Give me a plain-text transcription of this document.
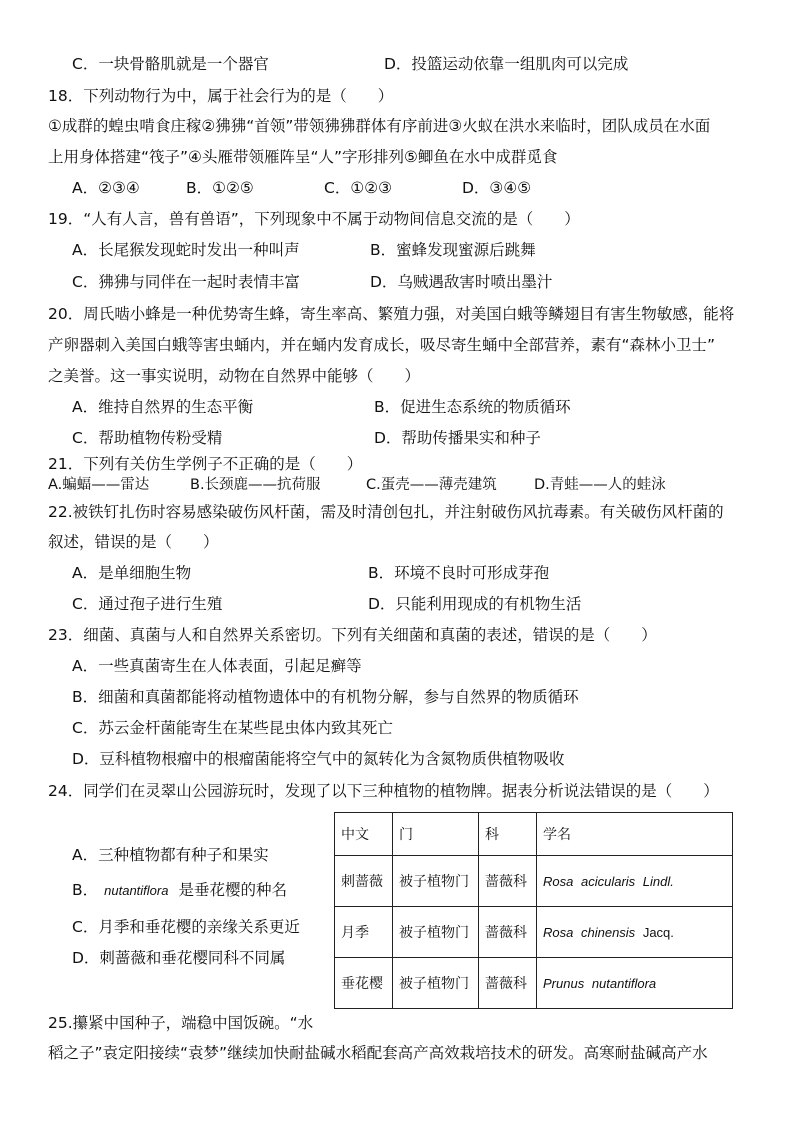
C．一块骨骼肌就是一个器官	D．投篮运动依靠一组肌肉可以完成
18．下列动物行为中，属于社会行为的是（　　）
①成群的蝗虫啃食庄稼②狒狒“首领”带领狒狒群体有序前进③火蚁在洪水来临时，团队成员在水面
上用身体搭建“筏子”④头雁带领雁阵呈“人”字形排列⑤鲫鱼在水中成群觅食
A．②③④	B．①②⑤	C．①②③	D．③④⑤
19．“人有人言，兽有兽语”，下列现象中不属于动物间信息交流的是（　　）
A．长尾猴发现蛇时发出一种叫声	B．蜜蜂发现蜜源后跳舞
C．狒狒与同伴在一起时表情丰富	D．乌贼遇敌害时喷出墨汁
20．周氏啮小蜂是一种优势寄生蜂，寄生率高、繁殖力强，对美国白蛾等鳞翅目有害生物敏感，能将
产卵器刺入美国白蛾等害虫蛹内，并在蛹内发育成长，吸尽寄生蛹中全部营养，素有“森林小卫士”
之美誉。这一事实说明，动物在自然界中能够（　　）
A．维持自然界的生态平衡	B．促进生态系统的物质循环
C．帮助植物传粉受精	D．帮助传播果实和种子
21．下列有关仿生学例子不正确的是（　　）
A.蝙蝠——雷达	B.长颈鹿——抗荷服	C.蛋壳——薄壳建筑	D.青蛙——人的蛙泳
22.被铁钉扎伤时容易感染破伤风杆菌，需及时清创包扎，并注射破伤风抗毒素。有关破伤风杆菌的
叙述，错误的是（　　）
A．是单细胞生物	B．环境不良时可形成芽孢
C．通过孢子进行生殖	D．只能利用现成的有机物生活
23．细菌、真菌与人和自然界关系密切。下列有关细菌和真菌的表述，错误的是（　　）
A．一些真菌寄生在人体表面，引起足癣等
B．细菌和真菌都能将动植物遗体中的有机物分解，参与自然界的物质循环
C．苏云金杆菌能寄生在某些昆虫体内致其死亡
D．豆科植物根瘤中的根瘤菌能将空气中的氮转化为含氮物质供植物吸收
24．同学们在灵翠山公园游玩时，发现了以下三种植物的植物牌。据表分析说法错误的是（　　）
A．三种植物都有种子和果实
B． nutantiflora 是垂花樱的种名
C．月季和垂花樱的亲缘关系更近
D．刺蔷薇和垂花樱同科不同属
中文	门	科	学名
刺蔷薇	被子植物门	蔷薇科	Rosa acicularis Lindl.
月季	被子植物门	蔷薇科	Rosa chinensis Jacq.
垂花樱	被子植物门	蔷薇科	Prunus nutantiflora
25.攥紧中国种子，端稳中国饭碗。“水
稻之子”袁定阳接续“袁梦”继续加快耐盐碱水稻配套高产高效栽培技术的研发。高寒耐盐碱高产水
